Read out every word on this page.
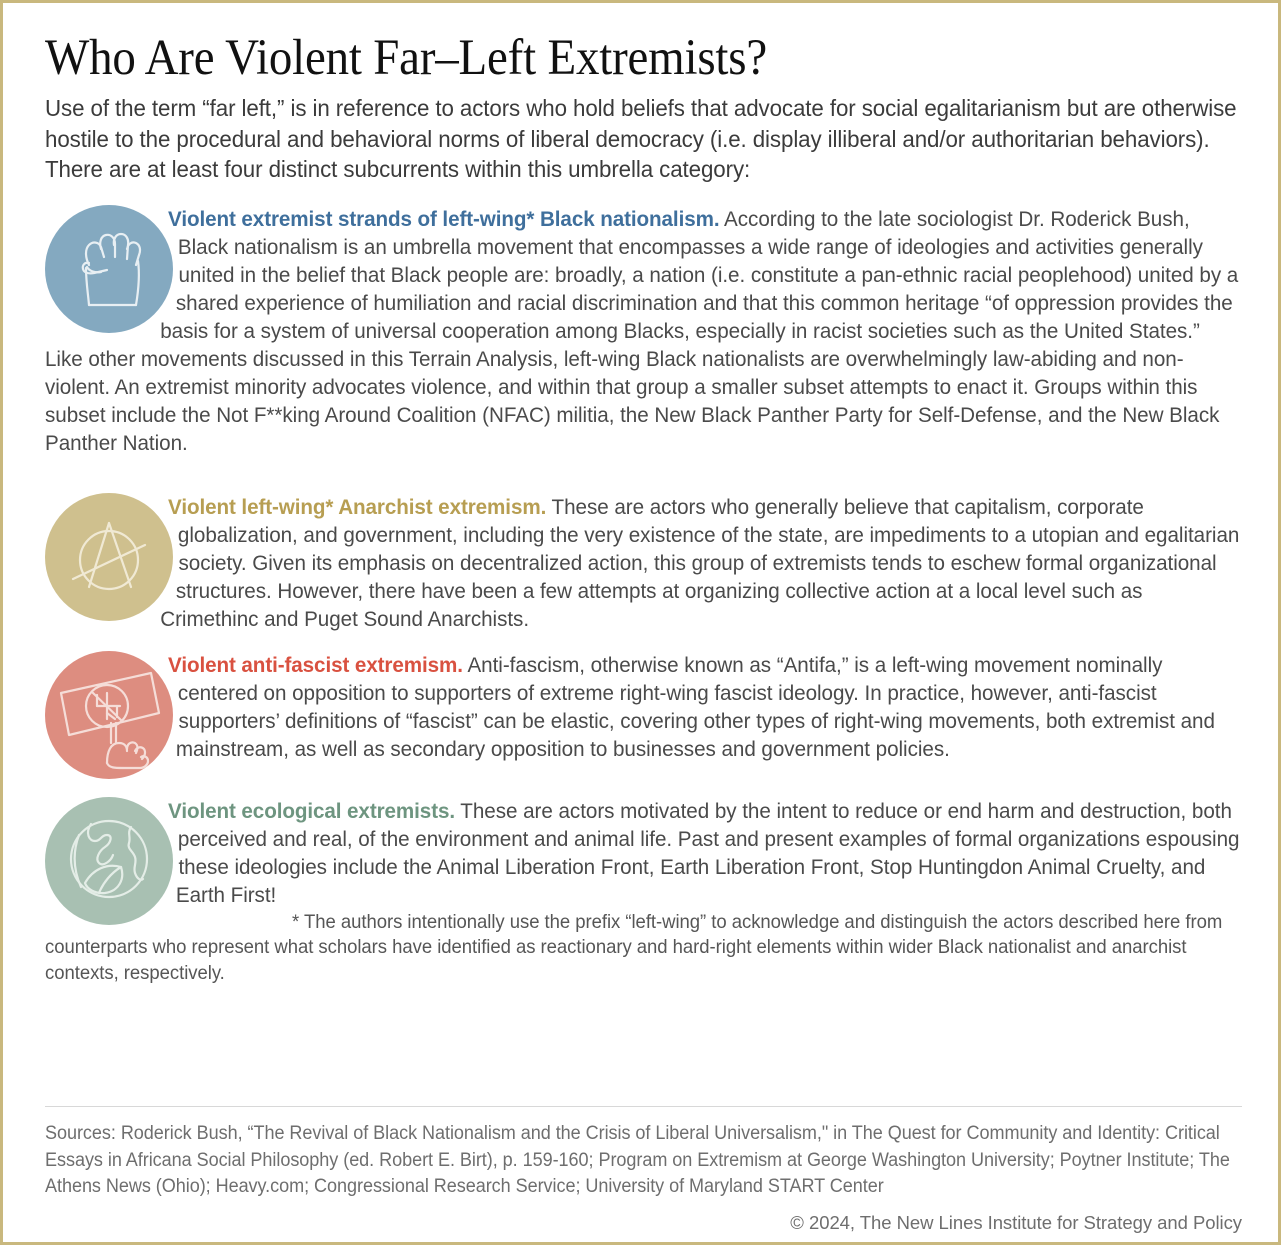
Who Are Violent Far–Left Extremists?

Use of the term “far left,” is in reference to actors who hold beliefs that advocate for social egalitarianism but are otherwise hostile to the procedural and behavioral norms of liberal democracy (i.e. display illiberal and/or authoritarian behaviors). There are at least four distinct subcurrents within this umbrella category:

Violent extremist strands of left-wing* Black nationalism. According to the late sociologist Dr. Roderick Bush, Black nationalism is an umbrella movement that encompasses a wide range of ideologies and activities generally united in the belief that Black people are: broadly, a nation (i.e. constitute a pan-ethnic racial peoplehood) united by a shared experience of humiliation and racial discrimination and that this common heritage “of oppression provides the basis for a system of universal cooperation among Blacks, especially in racist societies such as the United States.” Like other movements discussed in this Terrain Analysis, left-wing Black nationalists are overwhelmingly law-abiding and non-violent. An extremist minority advocates violence, and within that group a smaller subset attempts to enact it. Groups within this subset include the Not F**king Around Coalition (NFAC) militia, the New Black Panther Party for Self-Defense, and the New Black Panther Nation.
Violent left-wing* Anarchist extremism. These are actors who generally believe that capitalism, corporate globalization, and government, including the very existence of the state, are impediments to a utopian and egalitarian society. Given its emphasis on decentralized action, this group of extremists tends to eschew formal organizational structures. However, there have been a few attempts at organizing collective action at a local level such as Crimethinc and Puget Sound Anarchists.
Violent anti-fascist extremism. Anti-fascism, otherwise known as “Antifa,” is a left-wing movement nominally centered on opposition to supporters of extreme right-wing fascist ideology. In practice, however, anti-fascist supporters’ definitions of “fascist” can be elastic, covering other types of right-wing movements, both extremist and mainstream, as well as secondary opposition to businesses and government policies.
Violent ecological extremists. These are actors motivated by the intent to reduce or end harm and destruction, both perceived and real, of the environment and animal life. Past and present examples of formal organizations espousing these ideologies include the Animal Liberation Front, Earth Liberation Front, Stop Huntingdon Animal Cruelty, and Earth First!
* The authors intentionally use the prefix “left-wing” to acknowledge and distinguish the actors described here from counterparts who represent what scholars have identified as reactionary and hard-right elements within wider Black nationalist and anarchist contexts, respectively.
Sources: Roderick Bush, “The Revival of Black Nationalism and the Crisis of Liberal Universalism," in The Quest for Community and Identity: Critical Essays in Africana Social Philosophy (ed. Robert E. Birt), p. 159-160; Program on Extremism at George Washington University; Poytner Institute; The Athens News (Ohio); Heavy.com; Congressional Research Service; University of Maryland START Center
© 2024, The New Lines Institute for Strategy and Policy
